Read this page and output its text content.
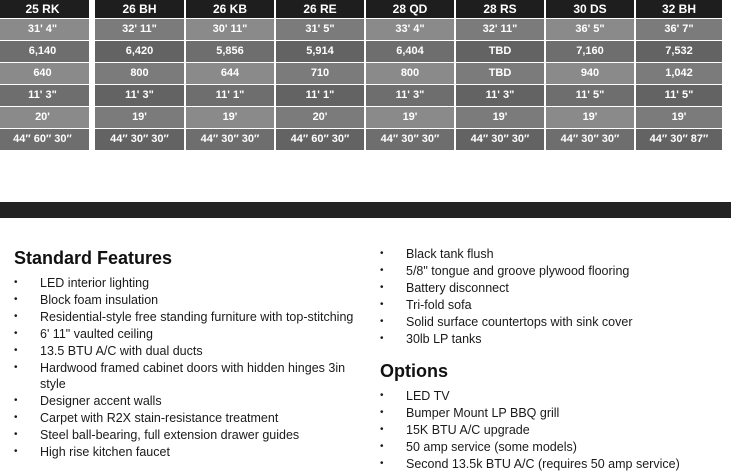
25 RK	26 BH	26 KB	26 RE	28 QD	28 RS	30 DS	32 BH
31' 4"	32' 11"	30' 11"	31' 5"	33' 4"	32' 11"	36' 5"	36' 7"
6,140	6,420	5,856	5,914	6,404	TBD	7,160	7,532
640	800	644	710	800	TBD	940	1,042
11' 3"	11' 3"	11' 1"	11' 1"	11' 3"	11' 3"	11' 5"	11' 5"
20'	19'	19'	20'	19'	19'	19'	19'
44″ 60″ 30″	44″ 30″ 30″	44″ 30″ 30″	44″ 60″ 30″	44″ 30″ 30″	44″ 30″ 30″	44″ 30″ 30″	44″ 30″ 87″
Standard Features
• LED interior lighting
• Block foam insulation
• Residential-style free standing furniture with top-stitching
• 6' 11" vaulted ceiling
• 13.5 BTU A/C with dual ducts
• Hardwood framed cabinet doors with hidden hinges 3in style
• Designer accent walls
• Carpet with R2X stain-resistance treatment
• Steel ball-bearing, full extension drawer guides
• High rise kitchen faucet
• Black tank flush
• 5/8" tongue and groove plywood flooring
• Battery disconnect
• Tri-fold sofa
• Solid surface countertops with sink cover
• 30lb LP tanks
Options
• LED TV
• Bumper Mount LP BBQ grill
• 15K BTU A/C upgrade
• 50 amp service (some models)
• Second 13.5k BTU A/C (requires 50 amp service)
